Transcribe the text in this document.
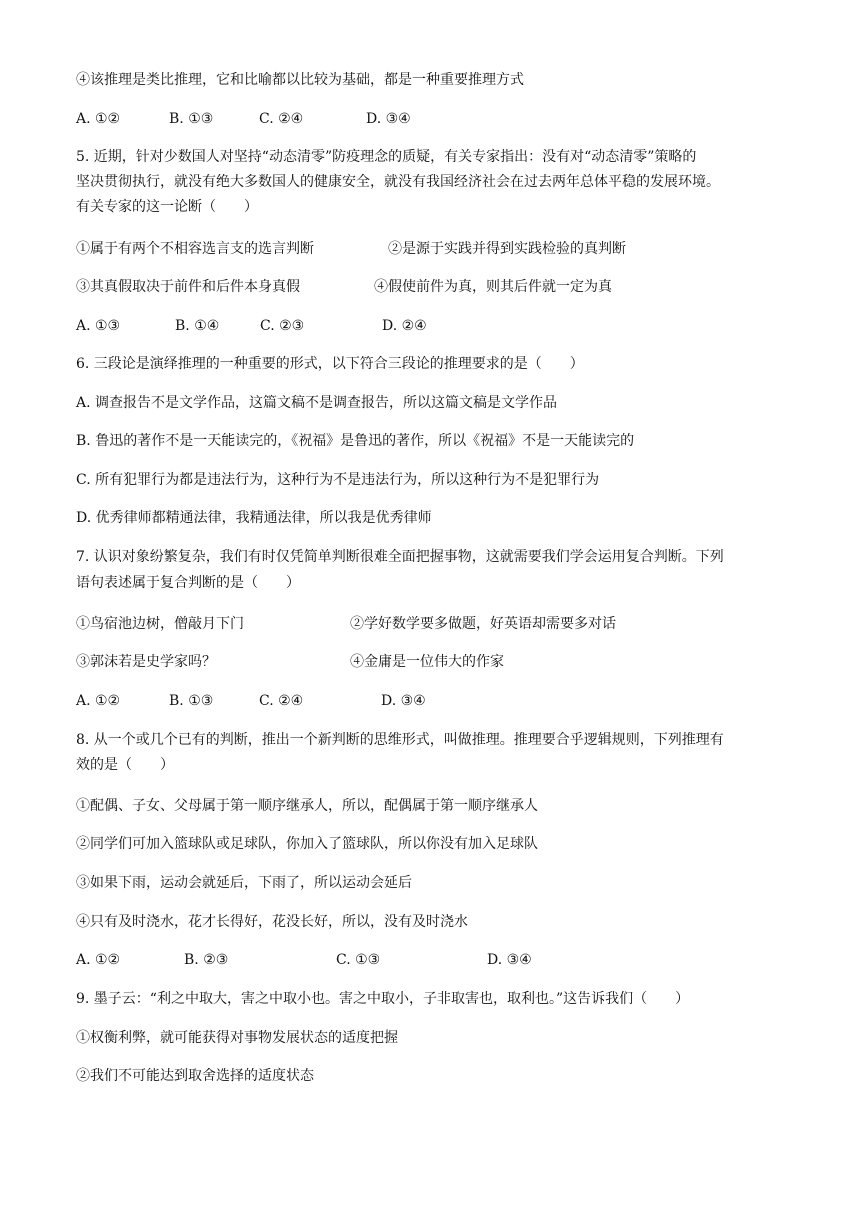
④该推理是类比推理，它和比喻都以比较为基础，都是一种重要推理方式

A. ①②	B. ①③	C. ②④	D. ③④

5. 近期，针对少数国人对坚持“动态清零”防疫理念的质疑，有关专家指出：没有对“动态清零”策略的

坚决贯彻执行，就没有绝大多数国人的健康安全，就没有我国经济社会在过去两年总体平稳的发展环境。

有关专家的这一论断（　　）

①属于有两个不相容选言支的选言判断	②是源于实践并得到实践检验的真判断
③其真假取决于前件和后件本身真假	④假使前件为真，则其后件就一定为真
A. ①③	B. ①④	C. ②③	D. ②④

6. 三段论是演绎推理的一种重要的形式，以下符合三段论的推理要求的是（　　）

A. 调查报告不是文学作品，这篇文稿不是调查报告，所以这篇文稿是文学作品

B. 鲁迅的著作不是一天能读完的，《祝福》是鲁迅的著作，所以《祝福》不是一天能读完的

C. 所有犯罪行为都是违法行为，这种行为不是违法行为，所以这种行为不是犯罪行为

D. 优秀律师都精通法律，我精通法律，所以我是优秀律师

7. 认识对象纷繁复杂，我们有时仅凭简单判断很难全面把握事物，这就需要我们学会运用复合判断。下列

语句表述属于复合判断的是（　　）

①鸟宿池边树，僧敲月下门	②学好数学要多做题，好英语却需要多对话
③郭沫若是史学家吗？	④金庸是一位伟大的作家
A. ①②	B. ①③	C. ②④	D. ③④

8. 从一个或几个已有的判断，推出一个新判断的思维形式，叫做推理。推理要合乎逻辑规则，下列推理有

效的是（　　）

①配偶、子女、父母属于第一顺序继承人，所以，配偶属于第一顺序继承人

②同学们可加入篮球队或足球队，你加入了篮球队，所以你没有加入足球队

③如果下雨，运动会就延后，下雨了，所以运动会延后

④只有及时浇水，花才长得好，花没长好，所以，没有及时浇水

A. ①②	B. ②③	C. ①③	D. ③④

9. 墨子云：“利之中取大，害之中取小也。害之中取小，子非取害也，取利也。”这告诉我们（　　）

①权衡利弊，就可能获得对事物发展状态的适度把握

②我们不可能达到取舍选择的适度状态
